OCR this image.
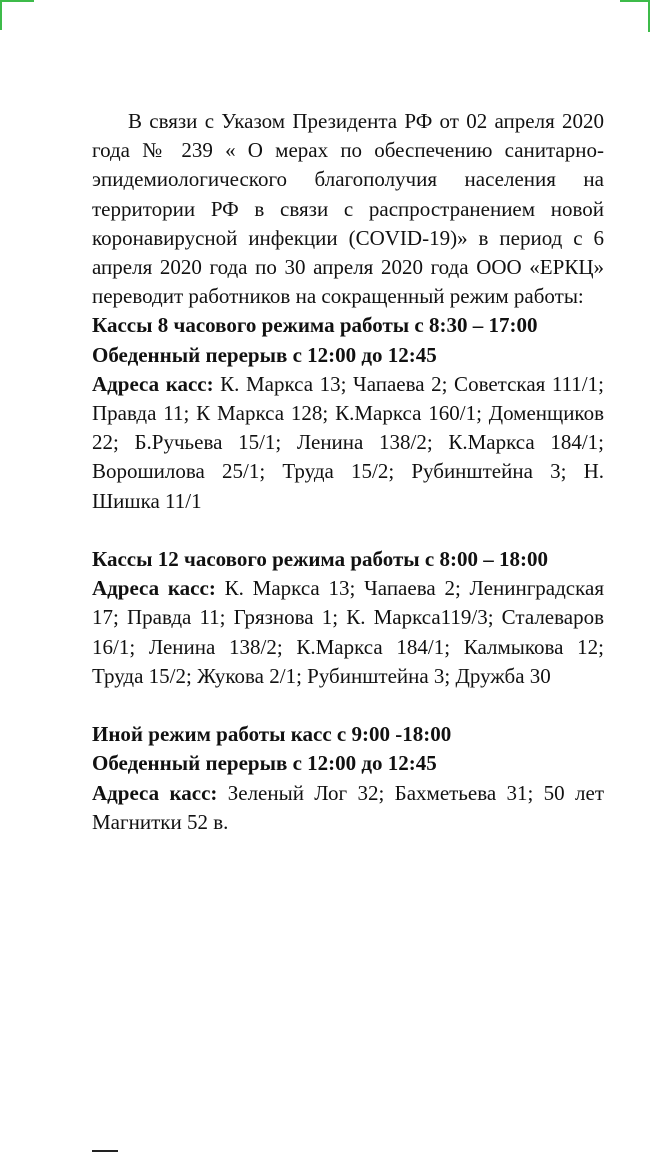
В связи с Указом Президента РФ от 02 апреля 2020 года № 239 « О мерах по обеспечению санитарно-эпидемиологического благополучия населения на территории РФ в связи с распространением новой коронавирусной инфекции (COVID-19)» в период с 6 апреля 2020 года по 30 апреля 2020 года ООО «ЕРКЦ» переводит работников на сокращенный режим работы:

Кассы 8 часового режима работы с 8:30 – 17:00

Обеденный перерыв с 12:00 до 12:45

Адреса касс: К. Маркса 13; Чапаева 2; Советская 111/1; Правда 11; К Маркса 128; К.Маркса 160/1; Доменщиков 22; Б.Ручьева 15/1; Ленина 138/2; К.Маркса 184/1; Ворошилова 25/1; Труда 15/2; Рубинштейна 3; Н. Шишка 11/1

Кассы 12 часового режима работы с 8:00 – 18:00

Адреса касс: К. Маркса 13; Чапаева 2; Ленинградская 17; Правда 11; Грязнова 1; К. Маркса119/3; Сталеваров 16/1; Ленина 138/2; К.Маркса 184/1; Калмыкова 12; Труда 15/2; Жукова 2/1; Рубинштейна 3; Дружба 30

Иной режим работы касс с 9:00 -18:00

Обеденный перерыв с 12:00 до 12:45

Адреса касс: Зеленый Лог 32; Бахметьева 31; 50 лет Магнитки 52 в.
